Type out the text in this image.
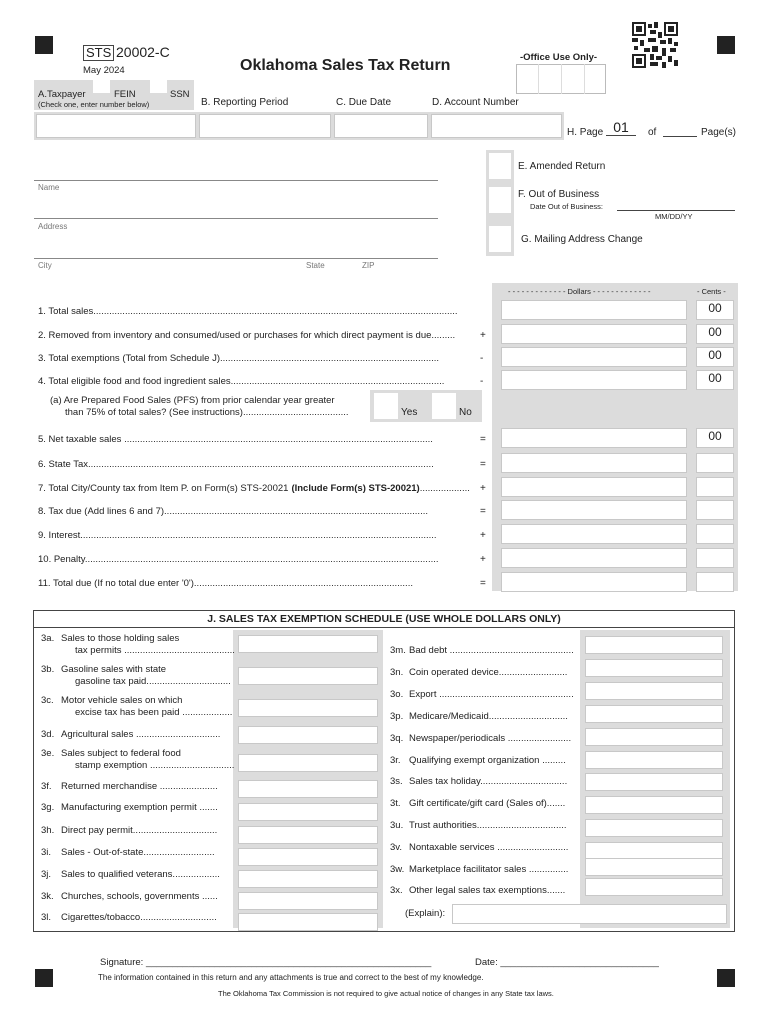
STS 20002-C
May 2024	Oklahoma Sales Tax Return	-Office Use Only-
A.Taxpayer	FEIN	SSN
(Check one, enter number below)	B. Reporting Period	C. Due Date	D. Account Number
H. Page 01	of	Page(s)
Name
Address
City	State	ZIP
E. Amended Return
F. Out of Business
Date Out of Business:
MM/DD/YY
G. Mailing Address Change
- - - - - - - - - - - - - Dollars - - - - - - - - - - - - -	- Cents -
1. Total sales..........................................................................................................................................	00
2. Removed from inventory and consumed/used or purchases for which direct payment is due.........	+	00
3. Total exemptions (Total from Schedule J)...................................................................................	-	00
4. Total eligible food and food ingredient sales.................................................................................	-	00
5. Net taxable sales .....................................................................................................................	=	00
6. State Tax...................................................................................................................................	=
7. Total City/County tax from Item P. on Form(s) STS-20021 (Include Form(s) STS-20021)...................	+
8. Tax due (Add lines 6 and 7)....................................................................................................	=
9. Interest.......................................................................................................................................	+
10. Penalty......................................................................................................................................	+
11. Total due (If no total due enter '0')...................................................................................	=
(a) Are Prepared Food Sales (PFS) from prior calendar year greater
than 75% of total sales? (See instructions)........................................	Yes	No
J. SALES TAX EXEMPTION SCHEDULE (USE WHOLE DOLLARS ONLY)
3a. Sales to those holding sales
tax permits ..........................................
3b. Gasoline sales with state
gasoline tax paid................................
3c. Motor vehicle sales on which
excise tax has been paid ...................
3d. Agricultural sales ................................
3e. Sales subject to federal food
stamp exemption ................................
3f. Returned merchandise ......................
3g. Manufacturing exemption permit .......
3h. Direct pay permit................................
3i. Sales - Out-of-state...........................
3j. Sales to qualified veterans..................
3k. Churches, schools, governments ......
3l. Cigarettes/tobacco.............................
3m. Bad debt ...............................................
3n. Coin operated device..........................
3o. Export ...................................................
3p. Medicare/Medicaid..............................
3q. Newspaper/periodicals ........................
3r. Qualifying exempt organization .........
3s. Sales tax holiday.................................
3t. Gift certificate/gift card (Sales of).......
3u. Trust authorities..................................
3v. Nontaxable services ...........................
3w. Marketplace facilitator sales ...............
3x. Other legal sales tax exemptions.......
(Explain):
Signature: ______________________________________________________	Date: ______________________________
The information contained in this return and any attachments is true and correct to the best of my knowledge.
The Oklahoma Tax Commission is not required to give actual notice of changes in any State tax laws.
